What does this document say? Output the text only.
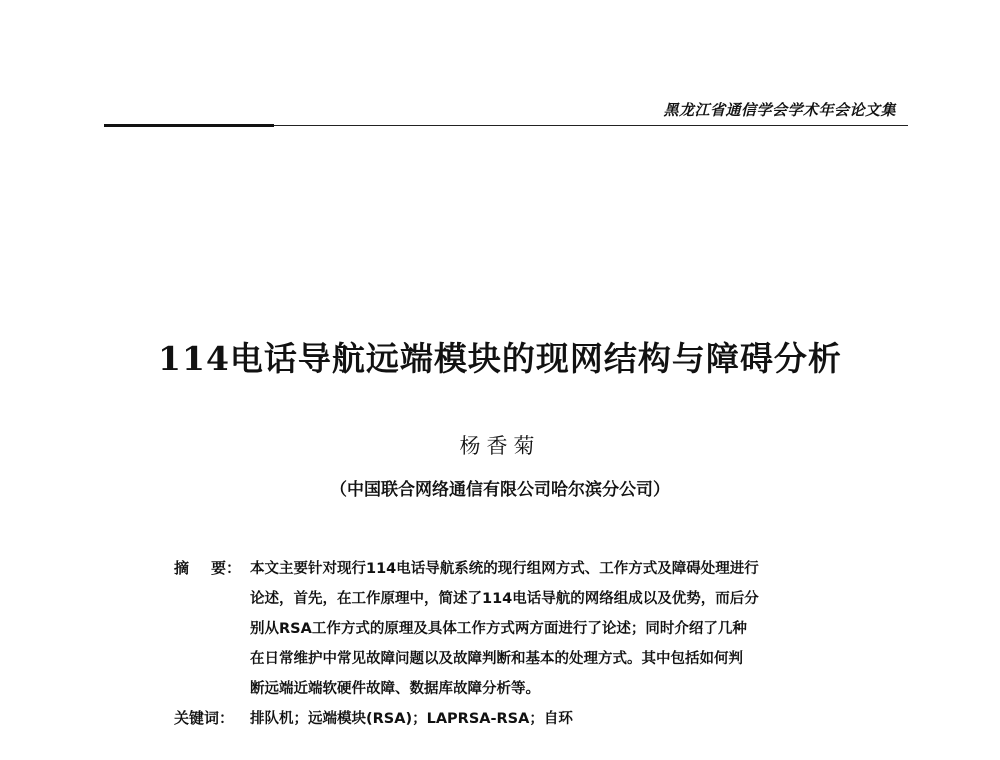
黑龙江省通信学会学术年会论文集
114电话导航远端模块的现网结构与障碍分析
杨香菊
（中国联合网络通信有限公司哈尔滨分公司）
摘 要： 本文主要针对现行114电话导航系统的现行组网方式、工作方式及障碍处理进行
论述，首先，在工作原理中，简述了114电话导航的网络组成以及优势，而后分
别从RSA工作方式的原理及具体工作方式两方面进行了论述；同时介绍了几种
在日常维护中常见故障问题以及故障判断和基本的处理方式。其中包括如何判
断远端近端软硬件故障、数据库故障分析等。
关键词： 排队机；远端模块(RSA)；LAPRSA-RSA；自环
